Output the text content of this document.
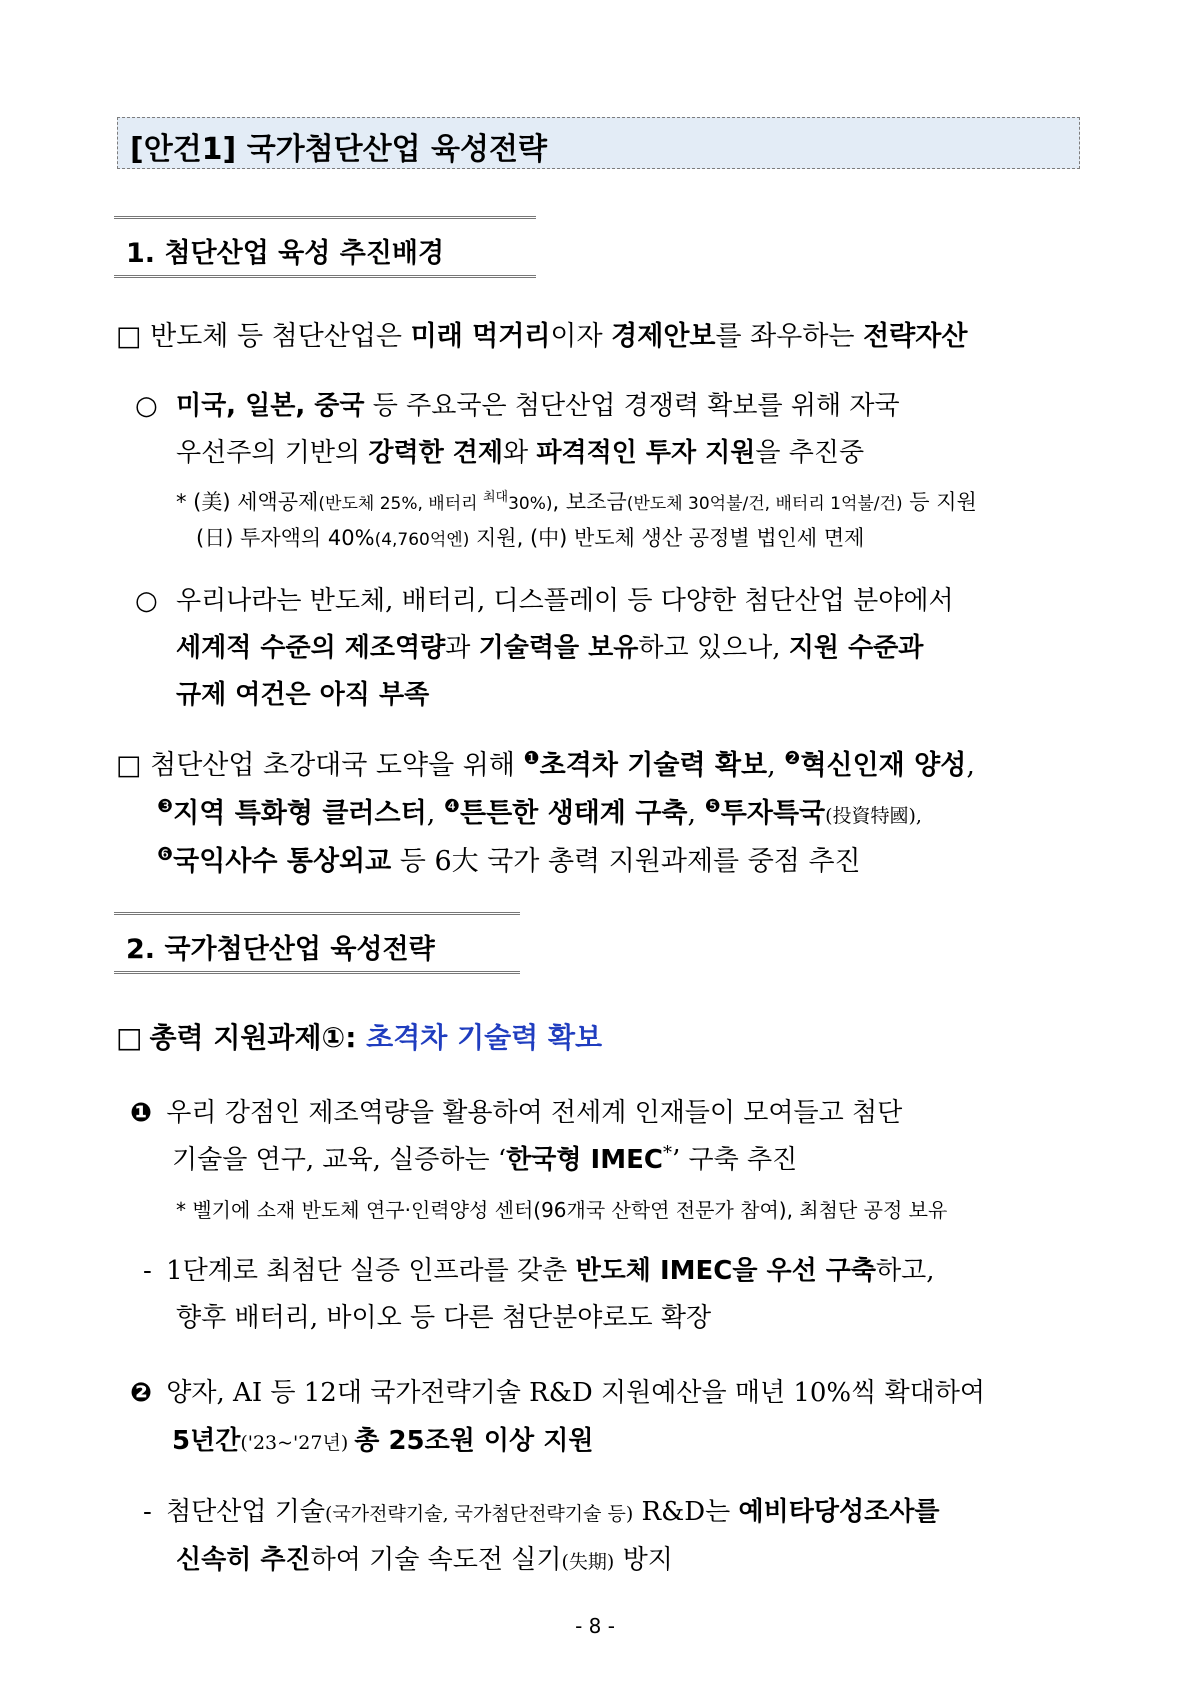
[안건1] 국가첨단산업 육성전략
1. 첨단산업 육성 추진배경
□ 반도체 등 첨단산업은 미래 먹거리이자 경제안보를 좌우하는 전략자산
○ 미국, 일본, 중국 등 주요국은 첨단산업 경쟁력 확보를 위해 자국
우선주의 기반의 강력한 견제와 파격적인 투자 지원을 추진중
* (美) 세액공제(반도체 25%, 배터리 $^{최대}$30%), 보조금(반도체 30억불/건, 배터리 1억불/건) 등 지원
(日) 투자액의 40%(4,760억엔) 지원, (中) 반도체 생산 공정별 법인세 면제
○ 우리나라는 반도체, 배터리, 디스플레이 등 다양한 첨단산업 분야에서
세계적 수준의 제조역량과 기술력을 보유하고 있으나, 지원 수준과
규제 여건은 아직 부족
□ 첨단산업 초강대국 도약을 위해 $^❶$초격차 기술력 확보, $^❷$혁신인재 양성,
$^❸$지역 특화형 클러스터, $^❹$튼튼한 생태계 구축, $^❺$투자특국(投資特國),
$^❻$국익사수 통상외교 등 6大 국가 총력 지원과제를 중점 추진
2. 국가첨단산업 육성전략
□ 총력 지원과제①: 초격차 기술력 확보
❶ 우리 강점인 제조역량을 활용하여 전세계 인재들이 모여들고 첨단
기술을 연구, 교육, 실증하는 ‘한국형 IMEC*’ 구축 추진
* 벨기에 소재 반도체 연구·인력양성 센터(96개국 산학연 전문가 참여), 최첨단 공정 보유
- 1단계로 최첨단 실증 인프라를 갖춘 반도체 IMEC을 우선 구축하고,
향후 배터리, 바이오 등 다른 첨단분야로도 확장
❷ 양자, AI 등 12대 국가전략기술 R&D 지원예산을 매년 10%씩 확대하여
5년간('23~'27년) 총 25조원 이상 지원
- 첨단산업 기술(국가전략기술, 국가첨단전략기술 등) R&D는 예비타당성조사를
신속히 추진하여 기술 속도전 실기(失期) 방지
- 8 -
